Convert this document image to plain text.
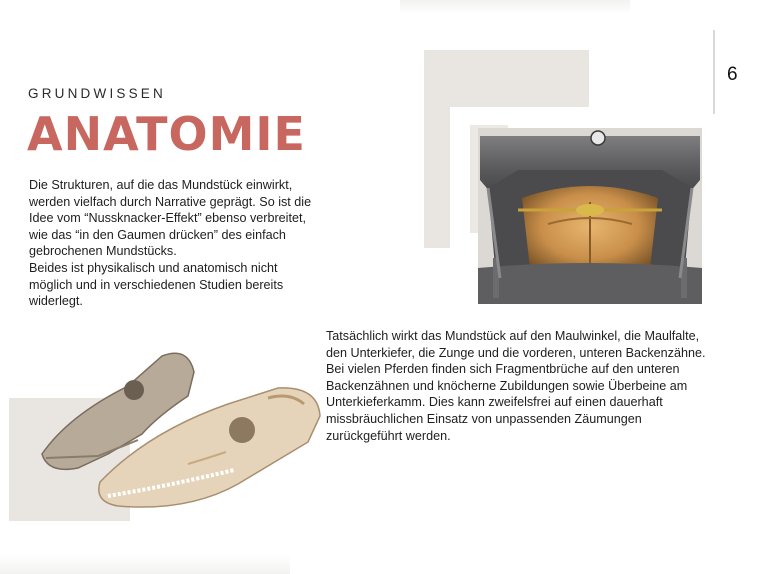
6
GRUNDWISSEN
ANATOMIE

Die Strukturen, auf die das Mundstück einwirkt,

werden vielfach durch Narrative geprägt. So ist die

Idee vom “Nussknacker-Effekt” ebenso verbreitet,

wie das “in den Gaumen drücken” des einfach

gebrochenen Mundstücks.

Beides ist physikalisch und anatomisch nicht

möglich und in verschiedenen Studien bereits

widerlegt.

Tatsächlich wirkt das Mundstück auf den Maulwinkel, die Maulfalte,

den Unterkiefer, die Zunge und die vorderen, unteren Backenzähne.

Bei vielen Pferden finden sich Fragmentbrüche auf den unteren

Backenzähnen und knöcherne Zubildungen sowie Überbeine am

Unterkieferkamm. Dies kann zweifelsfrei auf einen dauerhaft

missbräuchlichen Einsatz von unpassenden Zäumungen

zurückgeführt werden.
